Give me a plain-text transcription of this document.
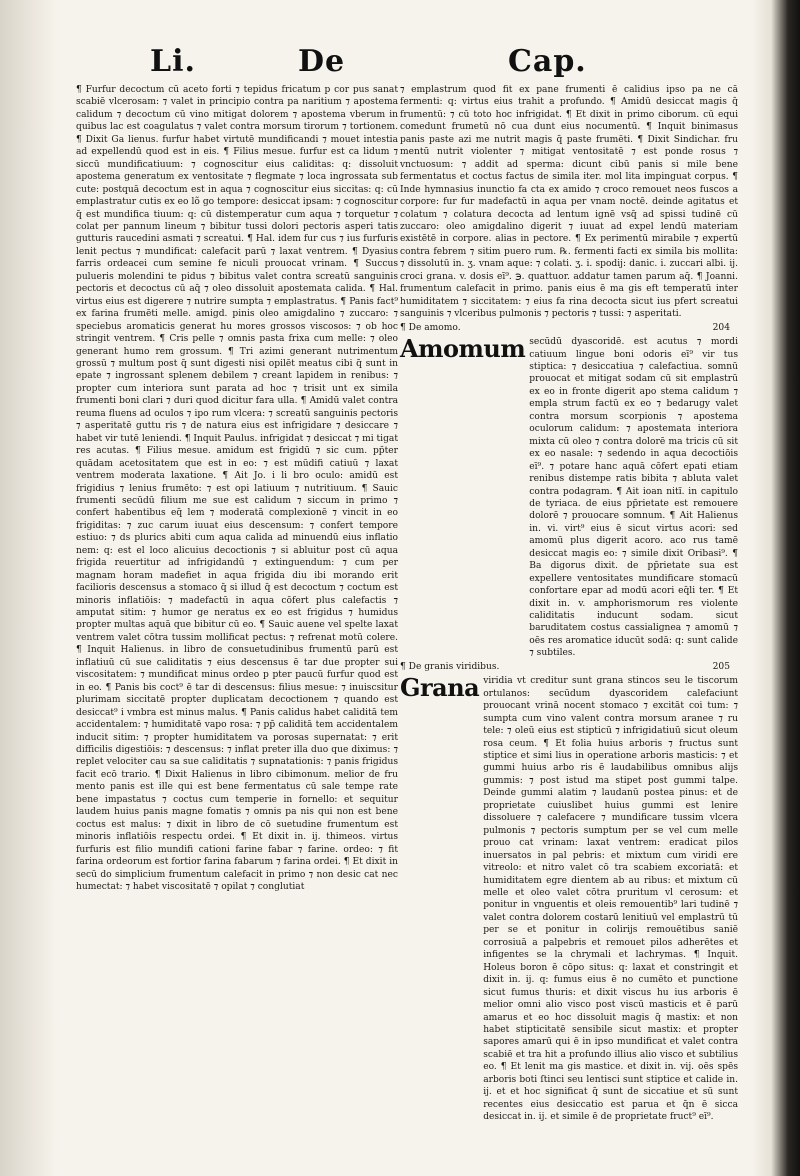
Li.	De	Cap.

¶ Furfur decoctum cū aceto forti ⁊ tepidus fricatum p cor pus sanat scabiē vlcerosam: ⁊ valet in principio contra pa naritium ⁊ apostema calidum ⁊ decoctum cū vino mitigat dolorem ⁊ apostema vberum in quibus lac est coagulatus ⁊ valet contra morsum tirorum ⁊ tortionem. ¶ Dixit Ga lienus. furfur habet virtutē mundificandi ⁊ mouet intestia ad expellendū quod est in eis. ¶ Filius mesue. furfur est ca lidum ⁊ siccū mundificatiuum: ⁊ cognoscitur eius caliditas: q: dissoluit apostema generatum ex ventositate ⁊ flegmate ⁊ loca ingrossata sub cute: postquā decoctum est in aqua ⁊ cognoscitur eius siccitas: q: cū emplastratur cutis ex eo lõ go tempore: desiccat ipsam: ⁊ cognoscitur q̄ est mundifica tiuum: q: cū distemperatur cum aqua ⁊ torquetur ⁊ colat per pannum lineum ⁊ bibitur tussi dolori pectoris asperi tatis gutturis raucedini asmati ⁊ screatui. ¶ Hal. idem fur cus ⁊ ius furfuris lenit pectus ⁊ mundificat: calefacit parū ⁊ laxat ventrem. ¶ Dyasius farris ordeacei cum semine fe niculi prouocat vrinam. ¶ Succus pulueris molendini te pidus ⁊ bibitus valet contra screatū sanguinis pectoris et decoctus cū aq̄ ⁊ oleo dissoluit apostemata calida. ¶ Hal. virtus eius est digerere ⁊ nutrire sumpta ⁊ emplastratus. ¶ Panis fact⁹ ex farina frumēti melle. amigd. pinis oleo amigdalino ⁊ zuccaro: ⁊ speciebus aromaticis generat hu mores grossos viscosos: ⁊ ob hoc stringit ventrem. ¶ Cris pelle ⁊ omnis pasta frixa cum melle: ⁊ oleo generant humo rem grossum. ¶ Tri azimi generant nutrimentum grossū ⁊ multum post q̄ sunt digesti nisi opilēt meatus cibi q̄ sunt in epate ⁊ ingrossant splenem debilem ⁊ creant lapidem in renibus: ⁊ propter cum interiora sunt parata ad hoc ⁊ trisit unt ex simila frumenti boni clari ⁊ duri quod dicitur fara ulla. ¶ Amidū valet contra reuma fluens ad oculos ⁊ ipo rum vlcera: ⁊ screatū sanguinis pectoris ⁊ asperitatē guttu ris ⁊ de natura eius est infrigidare ⁊ desiccare ⁊ habet vir tutē leniendi. ¶ Inquit Paulus. infrigidat ⁊ desiccat ⁊ mi tigat res acutas. ¶ Filius mesue. amidum est frigidū ⁊ sic cum. pp̄ter quādam acetositatem que est in eo: ⁊ est mūdifi catiuū ⁊ laxat ventrem moderata laxatione. ¶ Ait Jo. i li bro oculo: amidū est frigidius ⁊ lenius frumēto: ⁊ est opi latiuum ⁊ nutritiuum. ¶ Sauic frumenti secūdū filium me sue est calidum ⁊ siccum in primo ⁊ confert habentibus eq̄ lem ⁊ moderatā complexionē ⁊ vincit in eo frigiditas: ⁊ zuc carum iuuat eius descensum: ⁊ confert tempore estiuo: ⁊ ds plurics abiti cum aqua calida ad minuendū eius inflatio nem: q: est el loco alicuius decoctionis ⁊ si abluitur post cū aqua frigida reuertitur ad infrigidandū ⁊ extinguendum: ⁊ cum per magnam horam madefiet in aqua frigida diu ibi morando erit facilioris descensus a stomaco q̄ si illud q̄ est decoctum ⁊ coctum est minoris inflatiōis: ⁊ madefactū in aqua cōfert plus calefactis ⁊ amputat sitim: ⁊ humor ge neratus ex eo est frigidus ⁊ humidus propter multas aquā que bibitur cū eo. ¶ Sauic auene vel spelte laxat ventrem valet cōtra tussim mollificat pectus: ⁊ refrenat motū colere. ¶ Inquit Halienus. in libro de consuetudinibus frumentū parū est inflatiuū cū sue caliditatis ⁊ eius descensus ē tar due propter sui viscositatem: ⁊ mundificat minus ordeo p pter paucū furfur quod est in eo. ¶ Panis bis coct⁹ ē tar di descensus: filius mesue: ⁊ inuiscsitur plurimam siccitatē propter duplicatam decoctionem ⁊ quando est desiccat⁹ i vmbra est minus malus. ¶ Panis calidus habet caliditā tem accidentalem: ⁊ humiditatē vapo rosa: ⁊ pp̄ caliditā tem accidentalem inducit sitim: ⁊ propter humiditatem va porosas supernatat: ⁊ erit difficilis digestiōis: ⁊ descensus: ⁊ inflat preter illa duo que diximus: ⁊ replet velociter cau sa sue caliditatis ⁊ supnatationis: ⁊ panis frigidus facit ecō trario. ¶ Dixit Halienus in libro cibimonum. melior de fru mento panis est ille qui est bene fermentatus cū sale tempe rate bene impastatus ⁊ coctus cum temperie in fornello: et sequitur laudem huius panis magne fomatis ⁊ omnis pa nis qui non est bene coctus est malus: ⁊ dixit in libro de cō suetudine frumentum est minoris inflatiōis respectu ordei. ¶ Et dixit in. ij. thimeos. virtus furfuris est filio mundifi cationi farine fabar ⁊ farine. ordeo: ⁊ fit farina ordeorum est fortior farina fabarum ⁊ farina ordei. ¶ Et dixit in secū do simplicium frumentum calefacit in primo ⁊ non desic cat nec humectat: ⁊ habet viscositatē ⁊ opilat ⁊ conglutiat

⁊ emplastrum quod fit ex pane frumenti ē calidius ipso pa ne cā fermenti: q: virtus eius trahit a profundo. ¶ Amidū desiccat magis q̄ frumentū: ⁊ cū toto hoc infrigidat. ¶ Et dixit in primo ciborum. cū equi comedunt frumetū nō cua dunt eius nocumentū. ¶ Inquit binimasus panis paste azi me nutrit magis q̄ paste frumēti. ¶ Dixit Sindichar. fru mentū nutrit violenter ⁊ mitigat ventositatē ⁊ est ponde rosus ⁊ vnctuosum: ⁊ addit ad sperma: dicunt cibū panis si mile bene fermentatus et coctus factus de simila iter. mol lita impinguat corpus. ¶ Inde hymnasius inunctio fa cta ex amido ⁊ croco remouet neos fuscos a corpore: fur fur madefactū in aqua per vnam noctē. deinde agitatus et colatum ⁊ colatura decocta ad lentum ignē vsq̄ ad spissi tudinē cū zuccaro: oleo amigdalino digerit ⁊ iuuat ad expel lendū materiam existētē in corpore. alias in pectore. ¶ Ex perimentū mirabile ⁊ expertū contra febrem ⁊ sitim puero rum. ℞. fermenti facti ex simila bis mollita: ⁊ dissolutū in. ʒ. vnam aque: ⁊ colati. ʒ. i. spodij: danic. i. zuccari albi. ij. croci grana. v. dosis eī⁹. ℈. quattuor. addatur tamen parum aq̄. ¶ Joanni. frumentum calefacit in primo. panis eius ē ma gis eft temperatū inter humiditatem ⁊ siccitatem: ⁊ eius fa rina decocta sicut ius pfert screatui sanguinis ⁊ vlceribus pulmonis ⁊ pectoris ⁊ tussi: ⁊ asperitati.

¶ De amomo.	204
Amomum secūdū dyascoridē. est acutus ⁊ mordi catiuum lingue boni odoris eī⁹ vir tus stiptica: ⁊ desiccatiua ⁊ calefactiua. somnū prouocat et mitigat sodam cū sit emplastrū ex eo in fronte digerit apo stema calidum ⁊ empla strum factū ex eo ⁊ bedarugy valet contra morsum scorpionis ⁊ apostema oculorum calidum: ⁊ apostemata interiora mixta cū oleo ⁊ contra dolorē ma tricis cū sit ex eo nasale: ⁊ sedendo in aqua decoctiōis eī⁹. ⁊ potare hanc aquā cōfert epati etiam renibus distempe ratis bibita ⁊ abluta valet contra podagram. ¶ Ait ioan nitı̃. in capitulo de tyriaca. de eius pp̄rietate est remouere dolorē ⁊ prouocare somnum. ¶ Ait Halienus in. vi. virt⁹ eius ē sicut virtus acori: sed amomū plus digerit acoro. aco rus tamē desiccat magis eo: ⁊ simile dixit Oribasi⁹. ¶ Ba digorus dixit. de pp̄rietate sua est expellere ventositates mundificare stomacū confortare epar ad modū acori eq̄li ter. ¶ Et dixit in. v. amphorismorum res violente caliditatis inducunt sodam. sicut baruditatem costus cassialignea ⁊ amomū ⁊ oēs res aromatice iducūt sodā: q: sunt calide ⁊ subtiles.
¶ De granis viridibus.	205
Grana viridia vt creditur sunt grana stincos seu le tiscorum ortulanos: secūdum dyascoridem calefaciunt prouocant vrinā nocent stomaco ⁊ excitāt coi tum: ⁊ sumpta cum vino valent contra morsum aranee ⁊ ru tele: ⁊ oleū eius est stipticū ⁊ infrigidatiuū sicut oleum rosa ceum. ¶ Et folia huius arboris ⁊ fructus sunt stiptice et simi lius in operatione arboris masticis: ⁊ et gummi huius arbo ris ē laudabilibus omnibus alijs gummis: ⁊ post istud ma stipet post gummi talpe. Deinde gummi alatim ⁊ laudanū postea pinus: et de proprietate cuiuslibet huius gummi est lenire dissoluere ⁊ calefacere ⁊ mundificare tussim vlcera pulmonis ⁊ pectoris sumptum per se vel cum melle prouo cat vrinam: laxat ventrem: eradicat pilos inuersatos in pal pebris: et mixtum cum viridi ere vitreolo: et nitro valet cō tra scabiem excoriatā: et humiditatem egre dientem ab au ribus: et mixtum cū melle et oleo valet cōtra pruritum vl cerosum: et ponitur in vnguentis et oleis remouentib⁹ lari tudinē ⁊ valet contra dolorem costarū lenitiuū vel emplastrū tū per se et ponitur in colirijs remouētibus saniē corrosiuā a palpebris et remouet pilos adherētes et infigentes se la chrymali et lachrymas. ¶ Inquit. Holeus boron ē cōpo situs: q: laxat et constringit et dixit in. ij. q: fumus eius ē no cumēto et punctione sicut fumus thuris: et dixit viscus hu ius arboris ē melior omni alio visco post viscū masticis et ē parū amarus et eo hoc dissoluit magis q̄ mastix: et non habet stipticitatē sensibile sicut mastix: et propter sapores amarū qui ē in ipso mundificat et valet contra scabiē et tra hit a profundo illius alio visco et subtilius eo. ¶ Et lenit ma gis mastice. et dixit in. vij. oēs spēs arboris boti ſtinci seu lentisci sunt stiptice et calide in. ij. et et hoc significat q̄ sunt de siccatiue et sū sunt recentes eius desiccatio est parua et q̄n ē sicca desiccat in. ij. et simile ē de proprietate fruct⁹ eī⁹.
